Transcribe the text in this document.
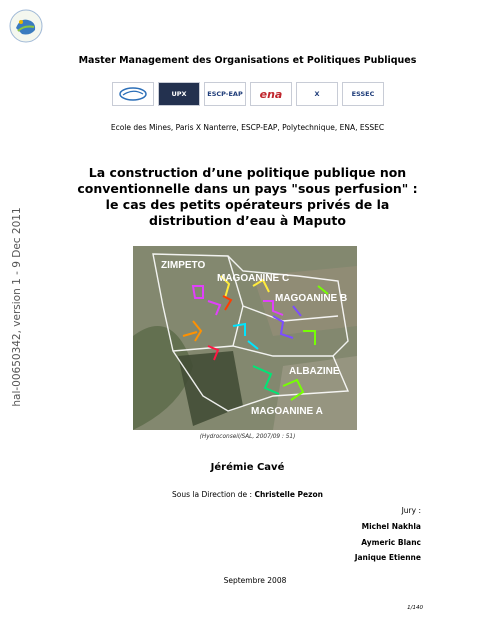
hal-00650342, version 1 - 9 Dec 2011
Master Management des Organisations et Politiques Publiques
UPX	ESCP-EAP ena	X	ESSEC
Ecole des Mines, Paris X Nanterre, ESCP-EAP, Polytechnique, ENA, ESSEC
La construction d’une politique publique non
conventionnelle dans un pays "sous perfusion" :
le cas des petits opérateurs privés de la
distribution d’eau à Maputo
ZIMPETO
MAGOANINE C
MAGOANINE B
ALBAZINE
MAGOANINE A
(Hydroconseil/SAL, 2007/09 : 51)
Jérémie Cavé
Sous la Direction de : Christelle Pezon
Jury :
Michel Nakhla
Aymeric Blanc
Janique Etienne
Septembre 2008
1/140
